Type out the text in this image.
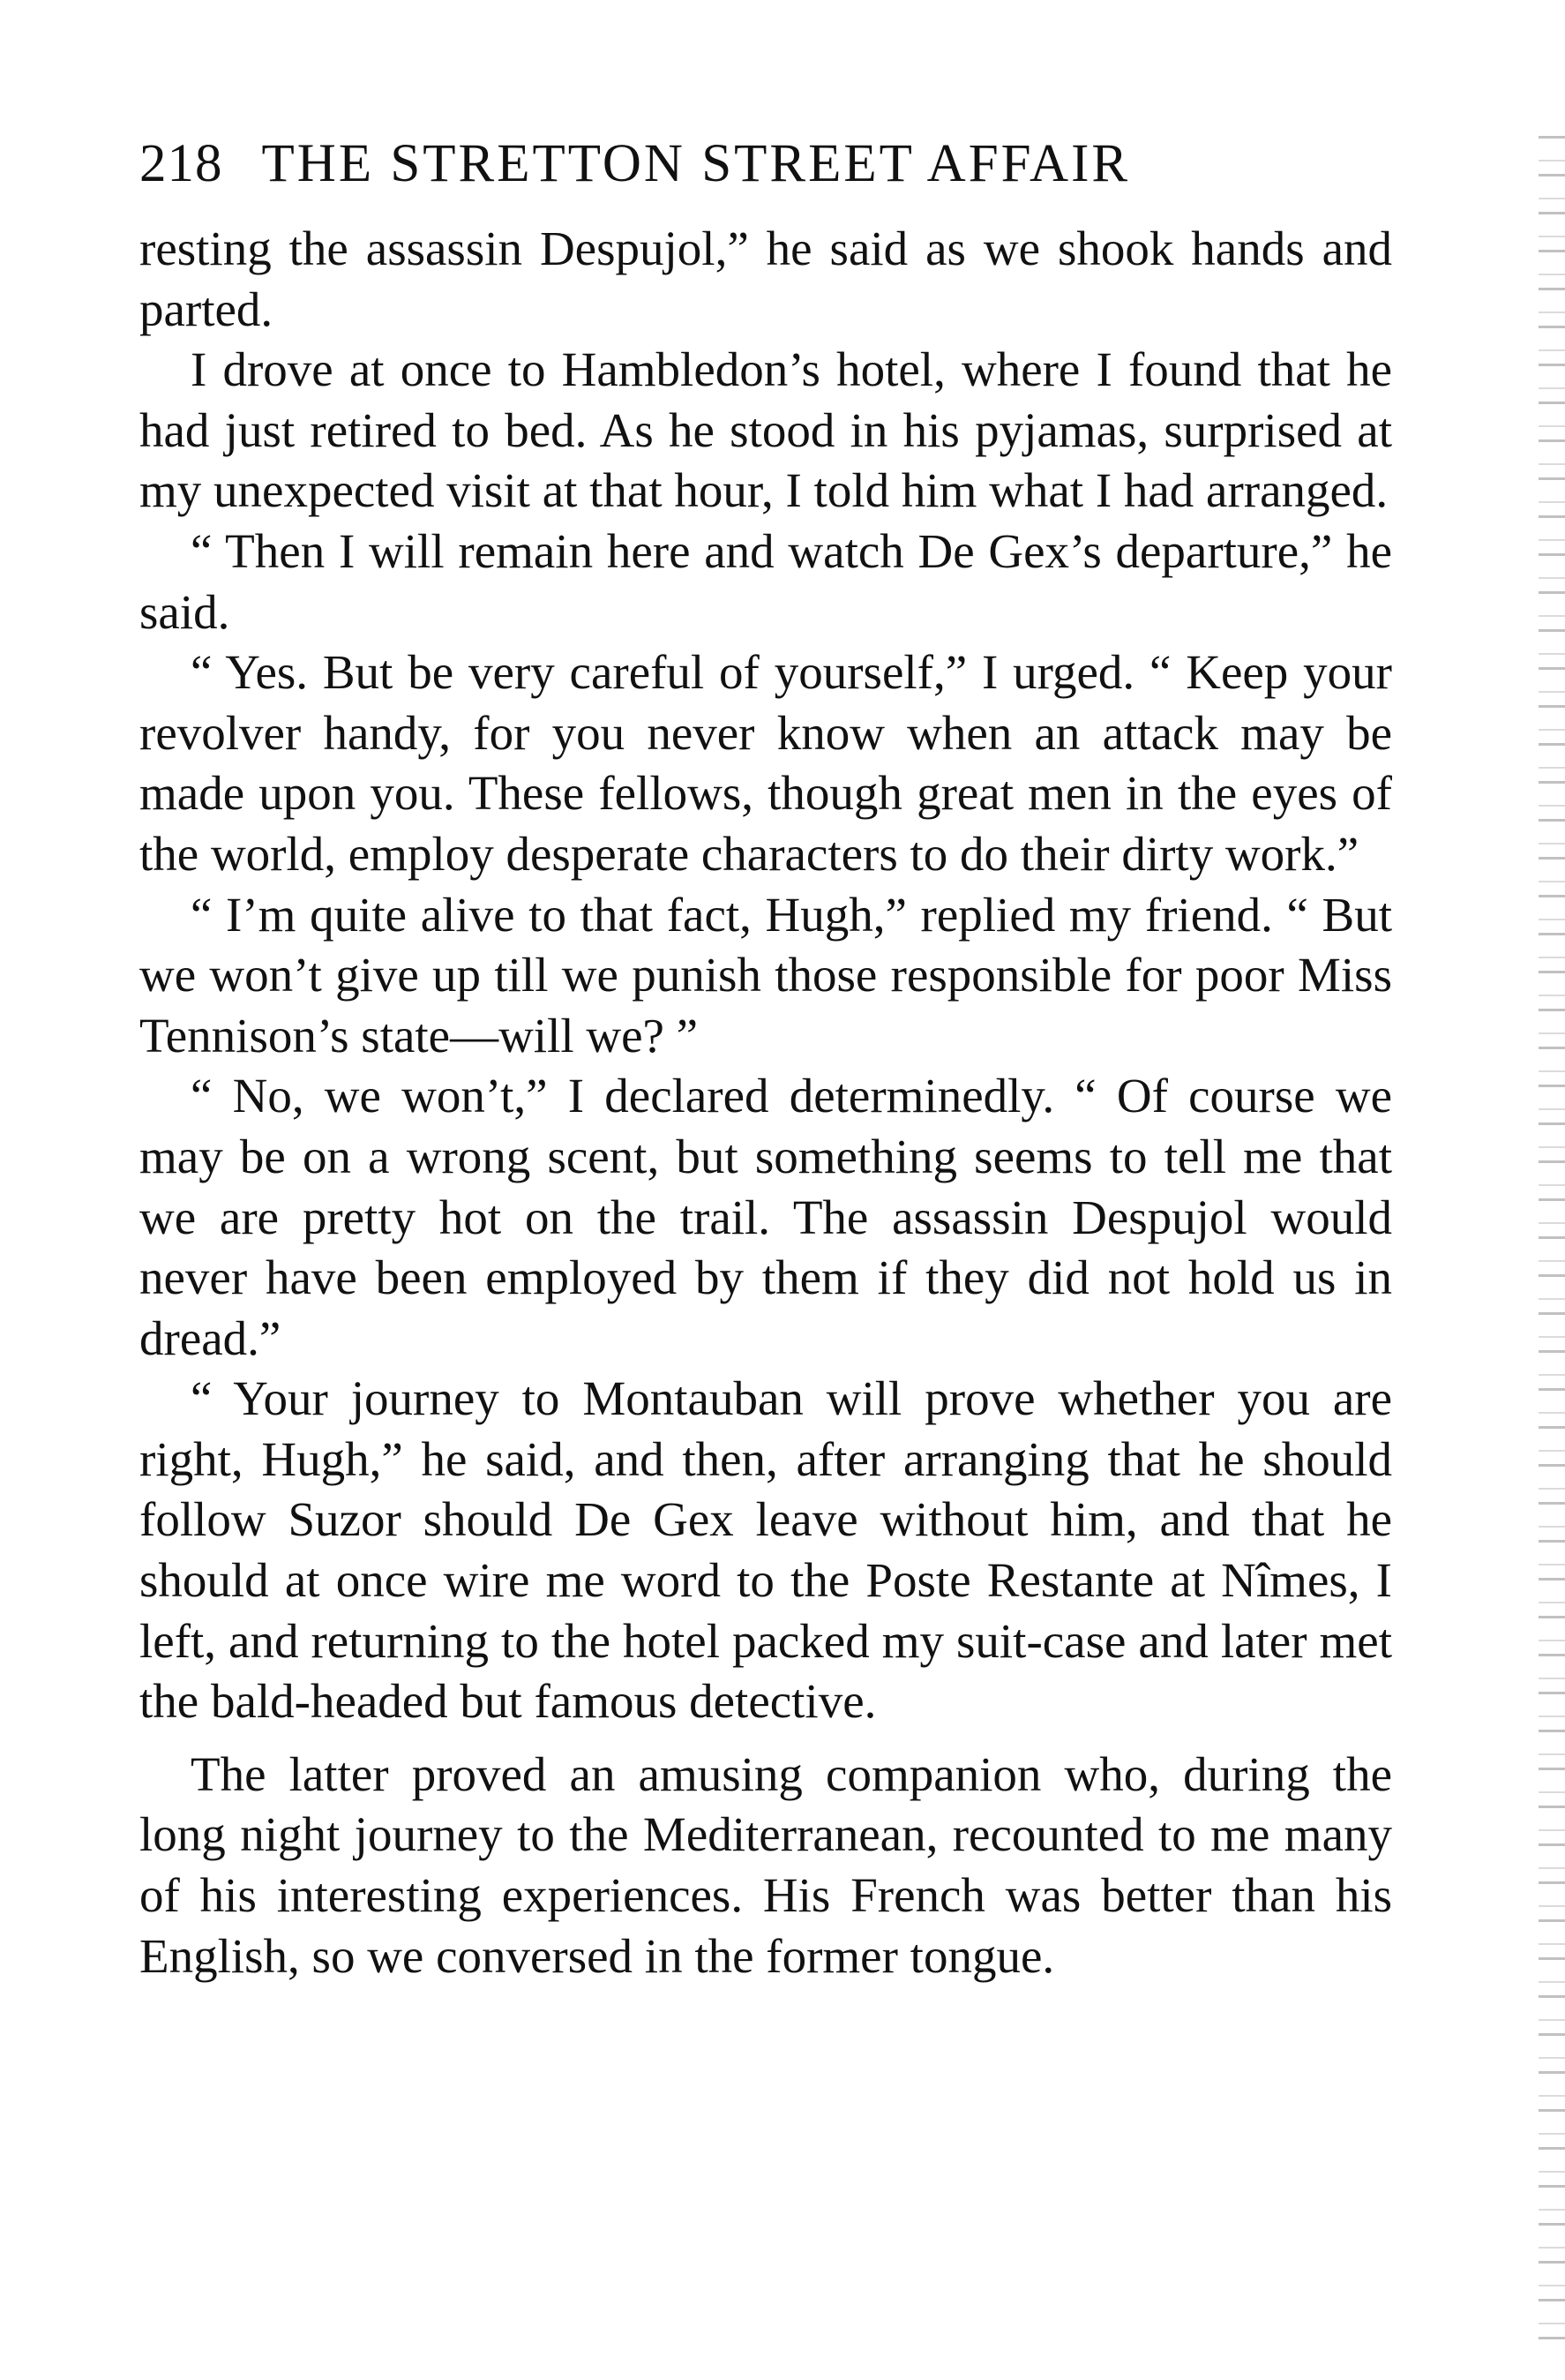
218 THE STRETTON STREET AFFAIR

resting the assassin Despujol,” he said as we shook hands and parted.

I drove at once to Hambledon’s hotel, where I found that he had just retired to bed. As he stood in his pyjamas, surprised at my unexpected visit at that hour, I told him what I had arranged.

“ Then I will remain here and watch De Gex’s departure,” he said.

“ Yes. But be very careful of yourself,” I urged. “ Keep your revolver handy, for you never know when an attack may be made upon you. These fellows, though great men in the eyes of the world, employ desperate characters to do their dirty work.”

“ I’m quite alive to that fact, Hugh,” replied my friend. “ But we won’t give up till we punish those responsible for poor Miss Tennison’s state—will we? ”

“ No, we won’t,” I declared determinedly. “ Of course we may be on a wrong scent, but something seems to tell me that we are pretty hot on the trail. The assassin Despujol would never have been employed by them if they did not hold us in dread.”

“ Your journey to Montauban will prove whether you are right, Hugh,” he said, and then, after arranging that he should follow Suzor should De Gex leave without him, and that he should at once wire me word to the Poste Restante at Nîmes, I left, and returning to the hotel packed my suit-case and later met the bald-headed but famous detective.

The latter proved an amusing companion who, during the long night journey to the Mediterranean, recounted to me many of his interesting experiences. His French was better than his English, so we conversed in the former tongue.
